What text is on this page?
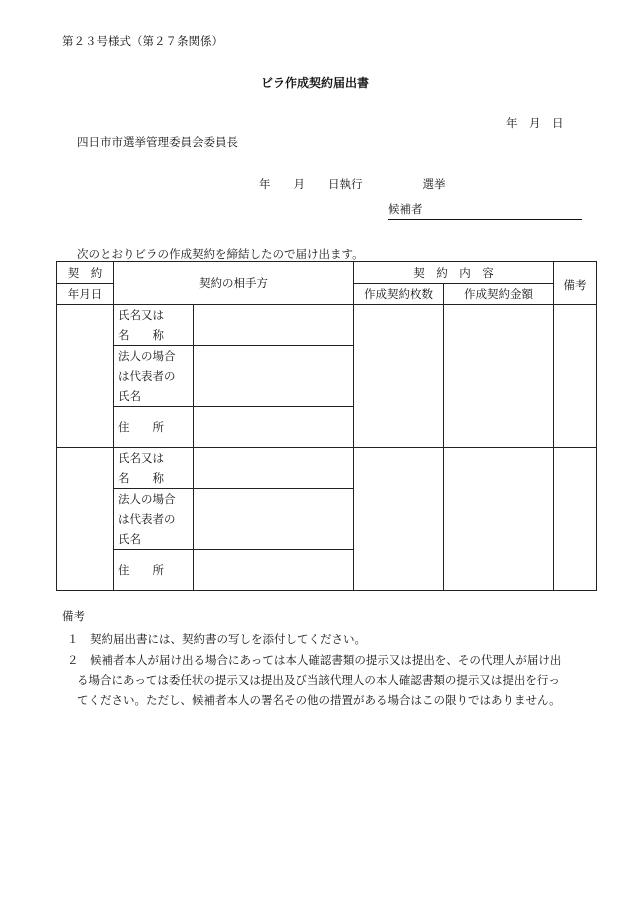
第２３号様式（第２７条関係）
ビラ作成契約届出書
年　月　日
四日市市選挙管理委員会委員長
年　　月　　日執行	選挙
候補者
次のとおりビラの作成契約を締結したので届け出ます。
契　約	契約の相手方		契　約　内　容		備考
年月日			作成契約枚数	作成契約金額	

	氏名又は
名　　称				

	法人の場合
は代表者の
氏名				

	住　　所				

	氏名又は
名　　称				

	法人の場合
は代表者の
氏名				

	住　　所				
備考
１　契約届出書には、契約書の写しを添付してください。
２　候補者本人が届け出る場合にあっては本人確認書類の提示又は提出を、その代理人が届け出
る場合にあっては委任状の提示又は提出及び当該代理人の本人確認書類の提示又は提出を行っ
てください。ただし、候補者本人の署名その他の措置がある場合はこの限りではありません。
